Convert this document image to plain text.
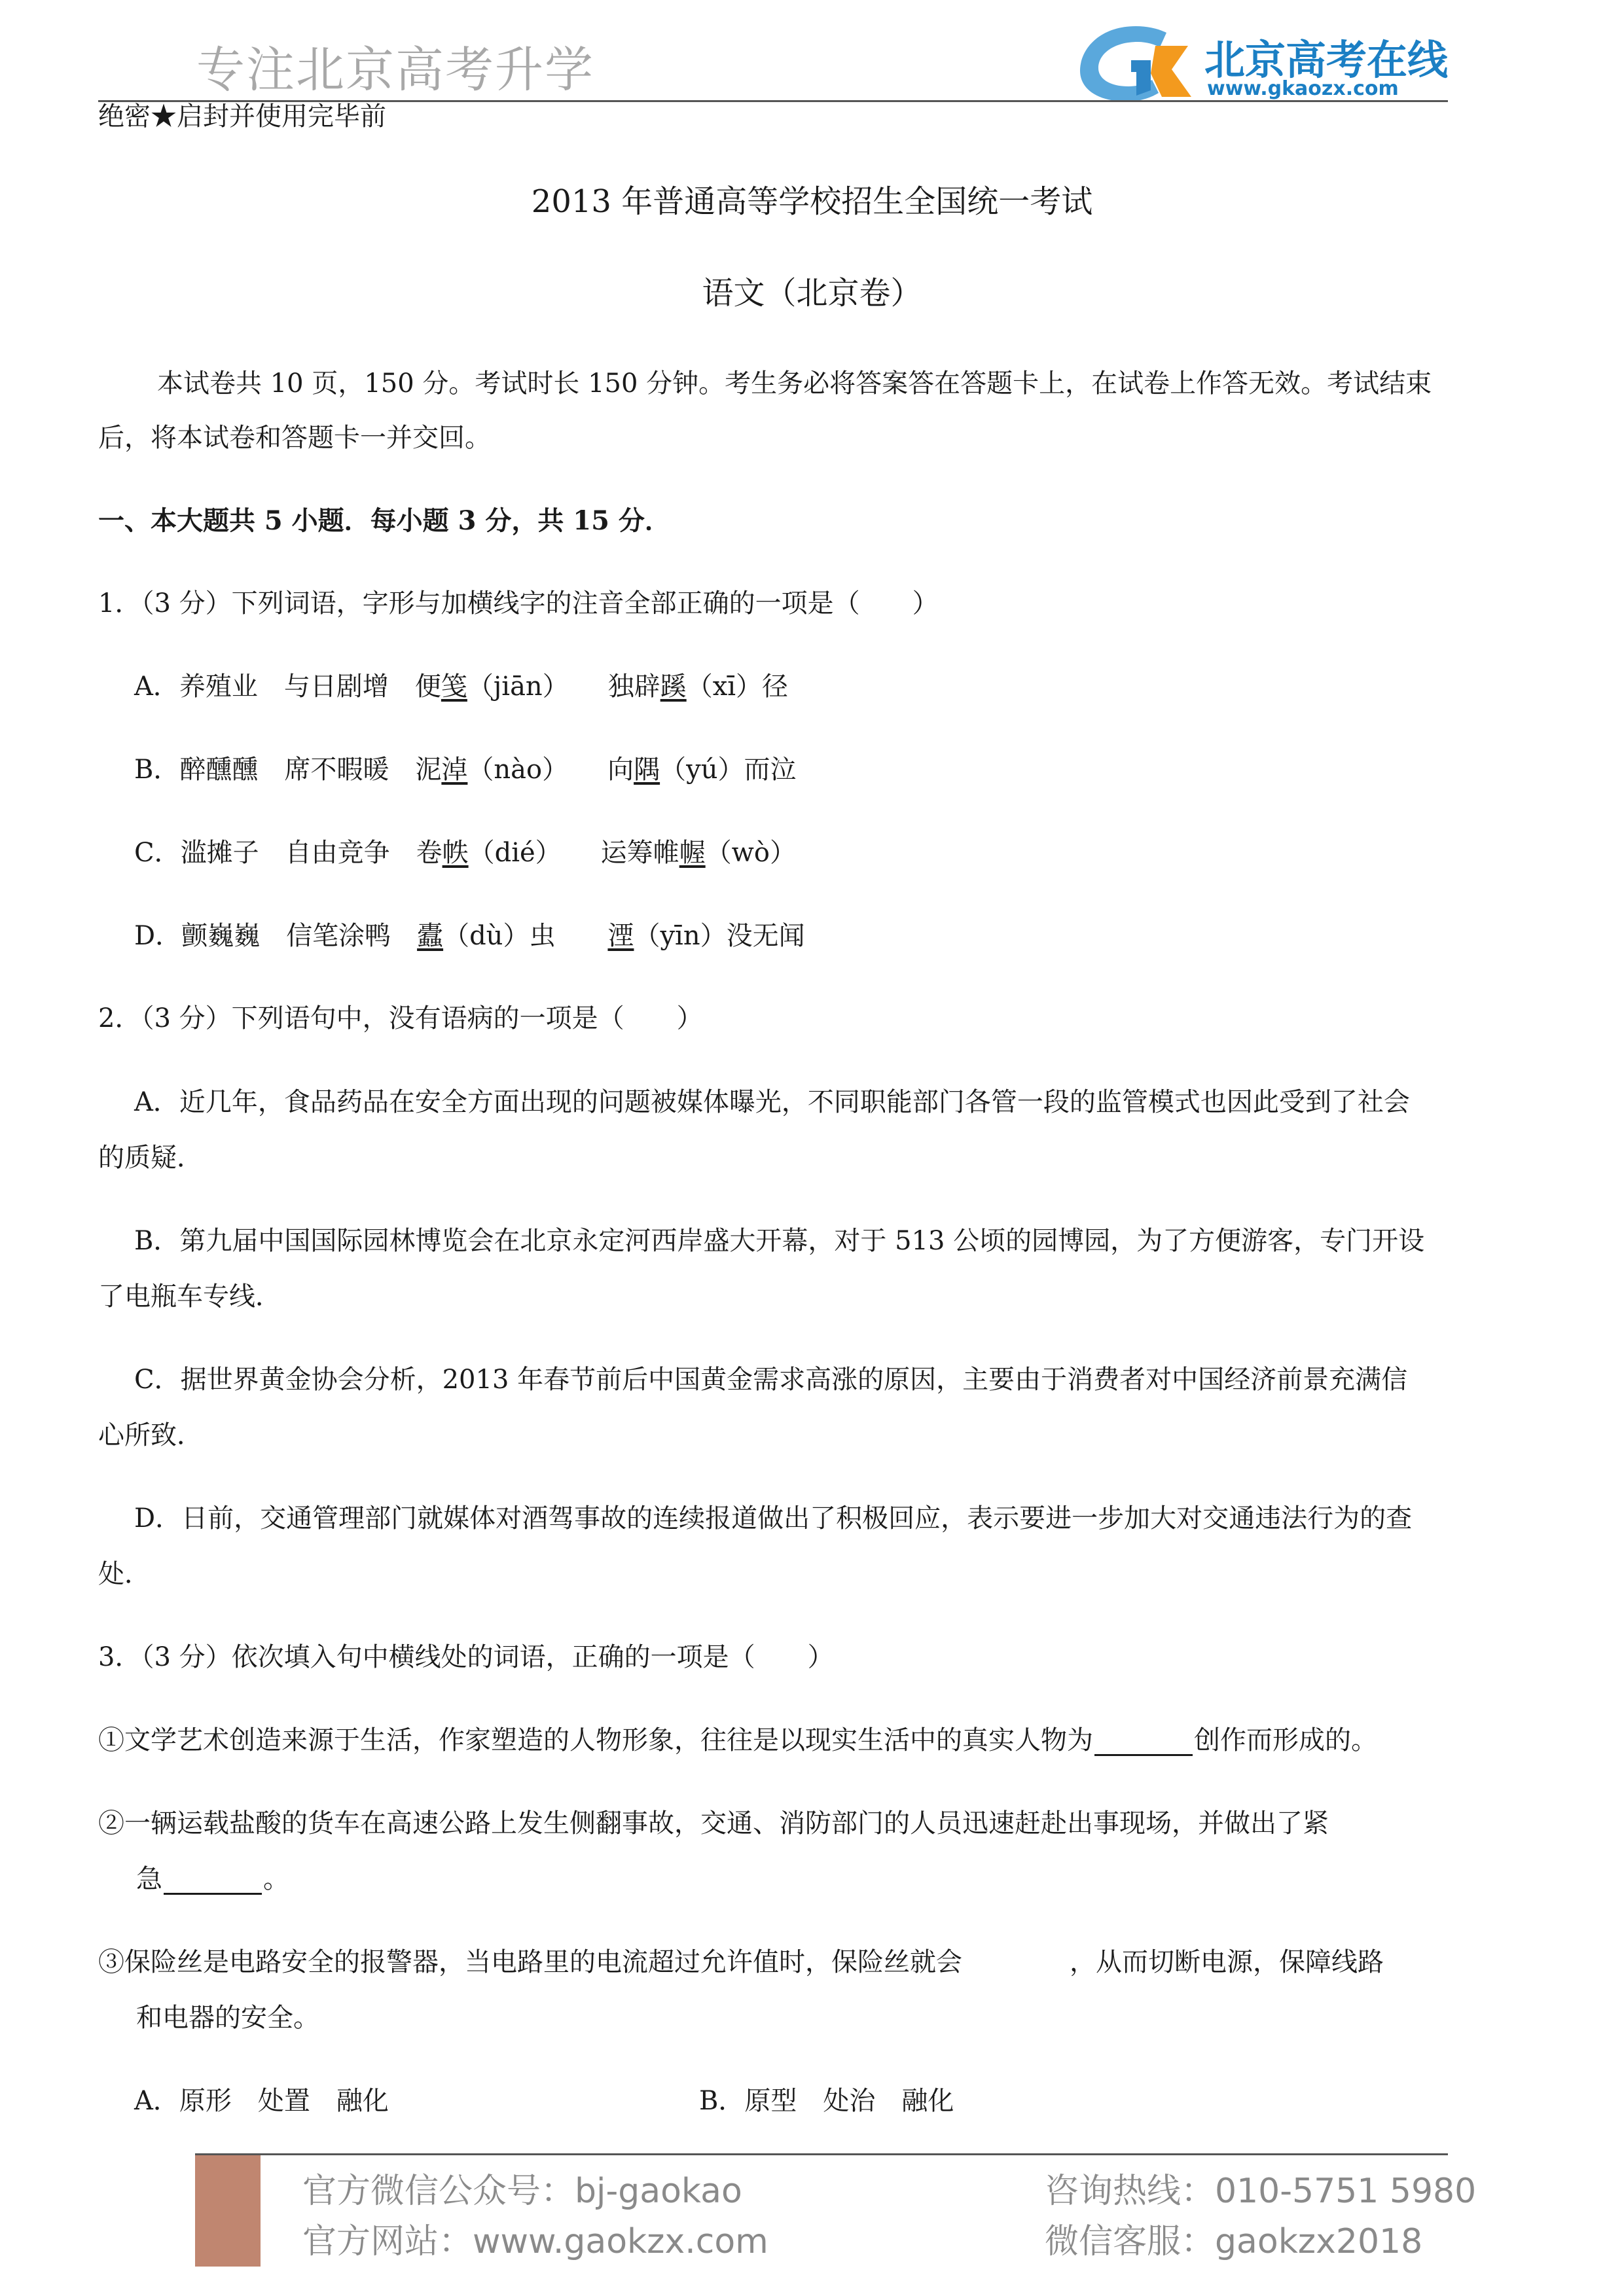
专注北京高考升学	北京高考在线
www.gkaozx.com
绝密★启封并使用完毕前
2013 年普通高等学校招生全国统一考试
语文（北京卷）
本试卷共 10 页，150 分。考试时长 150 分钟。考生务必将答案答在答题卡上，在试卷上作答无效。考试结束
后，将本试卷和答题卡一并交回。
一、本大题共 5 小题．每小题 3 分，共 15 分．
1．（3 分）下列词语，字形与加横线字的注音全部正确的一项是（　　）
A．养殖业　与日剧增　便笺（jiān）　　独辟蹊（xī）径
B．醉醺醺　席不暇暖　泥淖（nào）　　向隅（yú）而泣
C．滥摊子　自由竞争　卷帙（dié）　　运筹帷幄（wò）
D．颤巍巍　信笔涂鸭　蠹（dù）虫　　湮（yīn）没无闻
2．（3 分）下列语句中，没有语病的一项是（　　）
A．近几年，食品药品在安全方面出现的问题被媒体曝光，不同职能部门各管一段的监管模式也因此受到了社会
的质疑．
B．第九届中国国际园林博览会在北京永定河西岸盛大开幕，对于 513 公顷的园博园，为了方便游客，专门开设
了电瓶车专线．
C．据世界黄金协会分析，2013 年春节前后中国黄金需求高涨的原因，主要由于消费者对中国经济前景充满信
心所致．
D．日前，交通管理部门就媒体对酒驾事故的连续报道做出了积极回应，表示要进一步加大对交通违法行为的查
处．
3．（3 分）依次填入句中横线处的词语，正确的一项是（　　）
①文学艺术创造来源于生活，作家塑造的人物形象，往往是以现实生活中的真实人物为	创作而形成的。
②一辆运载盐酸的货车在高速公路上发生侧翻事故，交通、消防部门的人员迅速赶赴出事现场，并做出了紧
急	。
③保险丝是电路安全的报警器，当电路里的电流超过允许值时，保险丝就会	，从而切断电源，保障线路
和电器的安全。
A．原形　处置　融化	B．原型　处治　融化
官方微信公众号：bj-gaokao
官方网站：www.gaokzx.com
咨询热线：010-5751 5980
微信客服：gaokzx2018
